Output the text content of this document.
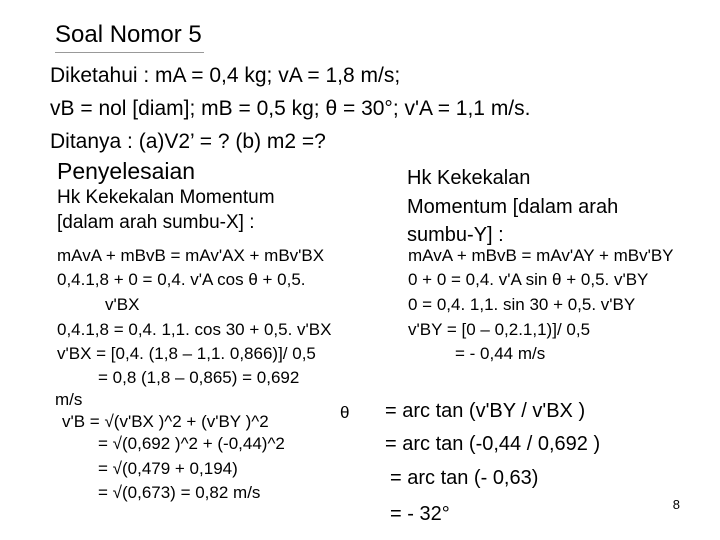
Soal Nomor 5
Diketahui : mA = 0,4 kg; vA = 1,8 m/s;
vB = nol [diam]; mB = 0,5 kg; θ = 30°; v'A = 1,1 m/s.
Ditanya : (a)V2’ = ? (b) m2 =?
Penyelesaian
Hk Kekekalan Momentum
[dalam arah sumbu-X] :
mAvA + mBvB = mAv'AX + mBv'BX
0,4.1,8 + 0 = 0,4. v'A cos θ + 0,5.
v'BX
0,4.1,8 = 0,4. 1,1. cos 30 + 0,5. v'BX
v'BX = [0,4. (1,8 – 1,1. 0,866)]/ 0,5
= 0,8 (1,8 – 0,865) = 0,692
m/s
v'B = √(v'BX )^2 + (v'BY )^2	θ
= √(0,692 )^2 + (-0,44)^2
= √(0,479 + 0,194)
= √(0,673) = 0,82 m/s
Hk Kekekalan
Momentum [dalam arah
sumbu-Y] :
mAvA + mBvB = mAv'AY + mBv'BY
0 + 0 = 0,4. v'A sin θ + 0,5. v'BY
0 = 0,4. 1,1. sin 30 + 0,5. v'BY
v'BY = [0 – 0,2.1,1)]/ 0,5
= - 0,44 m/s
= arc tan (v'BY / v'BX )
= arc tan (-0,44 / 0,692 )
= arc tan (- 0,63)
= - 32°	8
